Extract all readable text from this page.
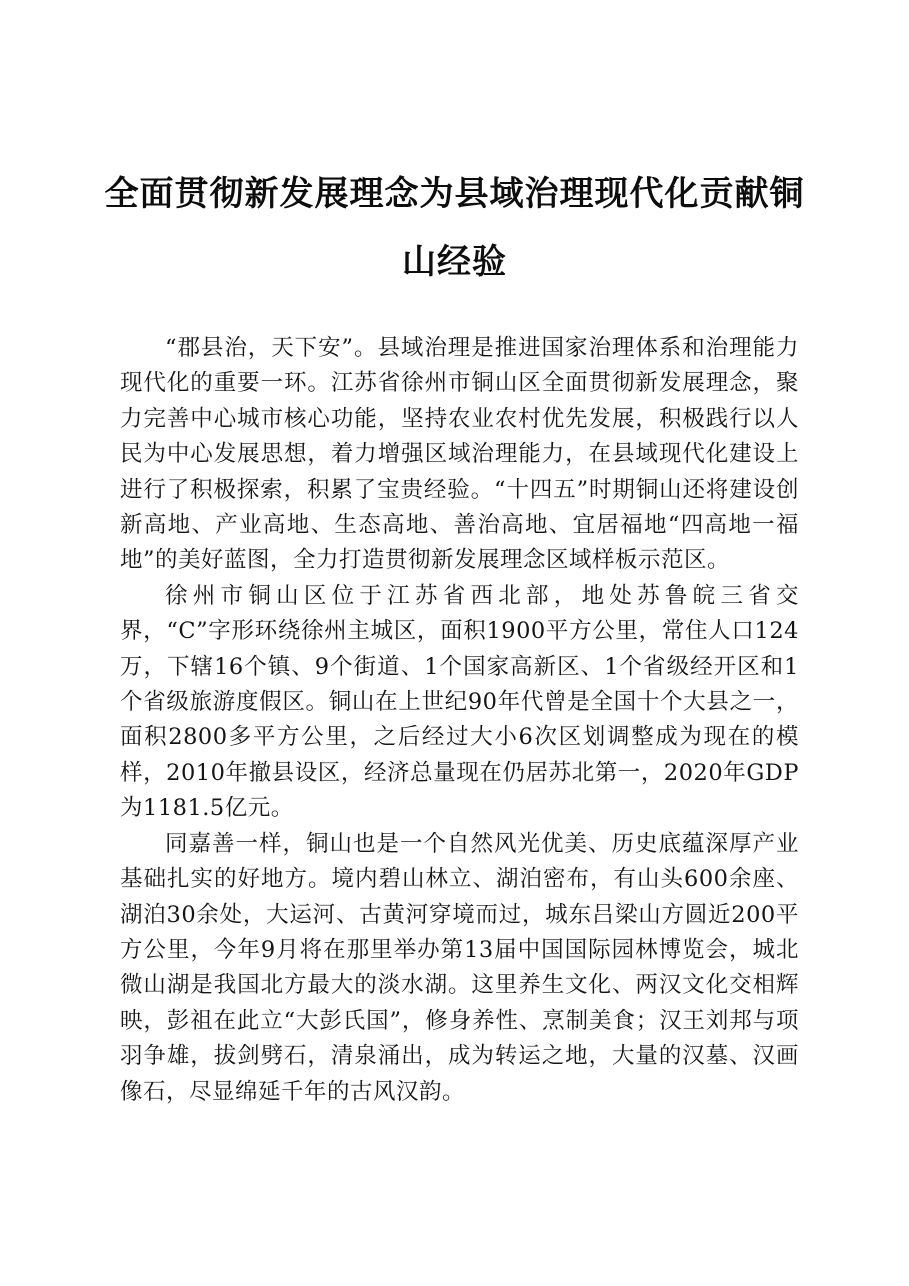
全面贯彻新发展理念为县域治理现代化贡献铜山经验

“郡县治，天下安”。县域治理是推进国家治理体系和治理能力现代化的重要一环。江苏省徐州市铜山区全面贯彻新发展理念，聚力完善中心城市核心功能，坚持农业农村优先发展，积极践行以人民为中心发展思想，着力增强区域治理能力，在县域现代化建设上进行了积极探索，积累了宝贵经验。“十四五”时期铜山还将建设创新高地、产业高地、生态高地、善治高地、宜居福地“四高地一福地”的美好蓝图，全力打造贯彻新发展理念区域样板示范区。

徐州市铜山区位于江苏省西北部，地处苏鲁皖三省交界，“C”字形环绕徐州主城区，面积1900平方公里，常住人口124万，下辖16个镇、9个街道、1个国家高新区、1个省级经开区和1个省级旅游度假区。铜山在上世纪90年代曾是全国十个大县之一，面积2800多平方公里，之后经过大小6次区划调整成为现在的模样，2010年撤县设区，经济总量现在仍居苏北第一，2020年GDP为1181.5亿元。

同嘉善一样，铜山也是一个自然风光优美、历史底蕴深厚产业基础扎实的好地方。境内碧山林立、湖泊密布，有山头600余座、湖泊30余处，大运河、古黄河穿境而过，城东吕梁山方圆近200平方公里，今年9月将在那里举办第13届中国国际园林博览会，城北微山湖是我国北方最大的淡水湖。这里养生文化、两汉文化交相辉映，彭祖在此立“大彭氏国”，修身养性、烹制美食；汉王刘邦与项羽争雄，拔剑劈石，清泉涌出，成为转运之地，大量的汉墓、汉画像石，尽显绵延千年的古风汉韵。
